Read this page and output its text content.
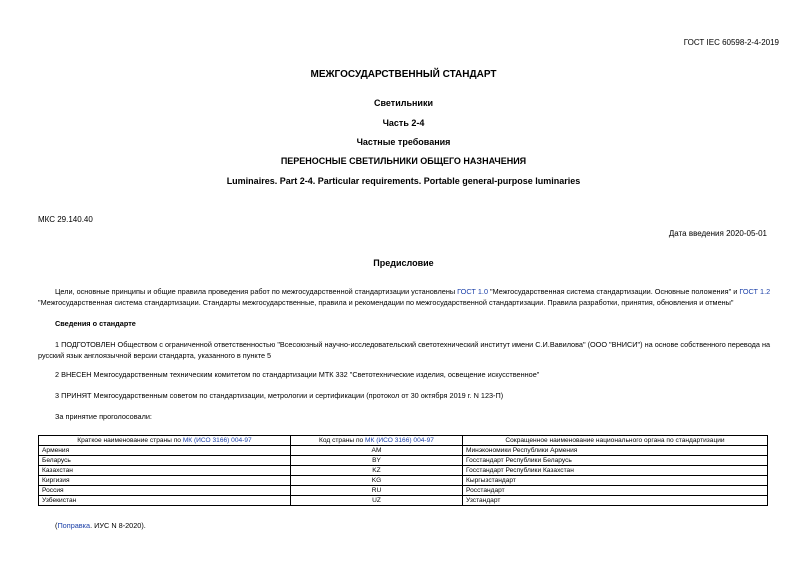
ГОСТ IEC 60598-2-4-2019
МЕЖГОСУДАРСТВЕННЫЙ СТАНДАРТ
Светильники
Часть 2-4
Частные требования
ПЕРЕНОСНЫЕ СВЕТИЛЬНИКИ ОБЩЕГО НАЗНАЧЕНИЯ
Luminaires. Part 2-4. Particular requirements. Portable general-purpose luminaries
МКС 29.140.40
Дата введения 2020-05-01
Предисловие
Цели, основные принципы и общие правила проведения работ по межгосударственной стандартизации установлены ГОСТ 1.0 "Межгосударственная система стандартизации. Основные положения" и ГОСТ 1.2
"Межгосударственная система стандартизации. Стандарты межгосударственные, правила и рекомендации по межгосударственной стандартизации. Правила разработки, принятия, обновления и отмены"
Сведения о стандарте
1 ПОДГОТОВЛЕН Обществом с ограниченной ответственностью "Всесоюзный научно-исследовательский светотехнический институт имени С.И.Вавилова" (ООО "ВНИСИ") на основе собственного перевода на
русский язык англоязычной версии стандарта, указанного в пункте 5
2 ВНЕСЕН Межгосударственным техническим комитетом по стандартизации МТК 332 "Светотехнические изделия, освещение искусственное"
3 ПРИНЯТ Межгосударственным советом по стандартизации, метрологии и сертификации (протокол от 30 октября 2019 г. N 123-П)
За принятие проголосовали:
Краткое наименование страны по МК (ИСО 3166) 004-97	Код страны по МК (ИСО 3166) 004-97	Сокращенное наименование национального органа по стандартизации
Армения	AM	Минэкономики Республики Армения
Беларусь	BY	Госстандарт Республики Беларусь
Казахстан	KZ	Госстандарт Республики Казахстан
Киргизия	KG	Кыргызстандарт
Россия	RU	Росстандарт
Узбекистан	UZ	Узстандарт
(Поправка. ИУС N 8-2020).
